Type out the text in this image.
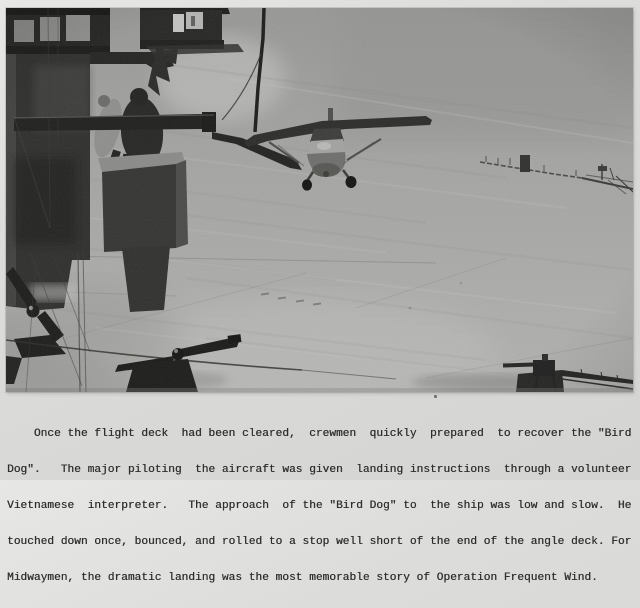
Once the flight deck  had been cleared,  crewmen  quickly  prepared  to recover the "Bird

Dog".   The major piloting  the aircraft was given  landing instructions  through a volunteer

Vietnamese  interpreter.   The approach  of the "Bird Dog" to  the ship was low and slow.  He

touched down once, bounced, and rolled to a stop well short of the end of the angle deck. For

Midwaymen, the dramatic landing was the most memorable story of Operation Frequent Wind.
